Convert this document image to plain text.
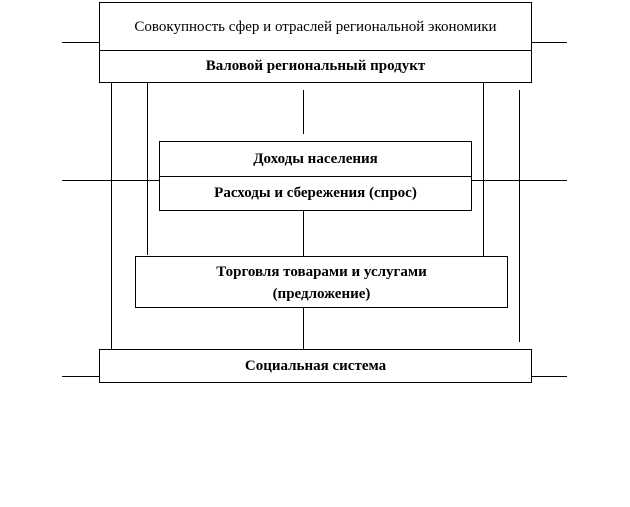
Совокупность сфер и отраслей региональной экономики
Валовой региональный продукт
Доходы населения
Расходы и сбережения (спрос)
Торговля товарами и услугами
(предложение)
Социальная система
